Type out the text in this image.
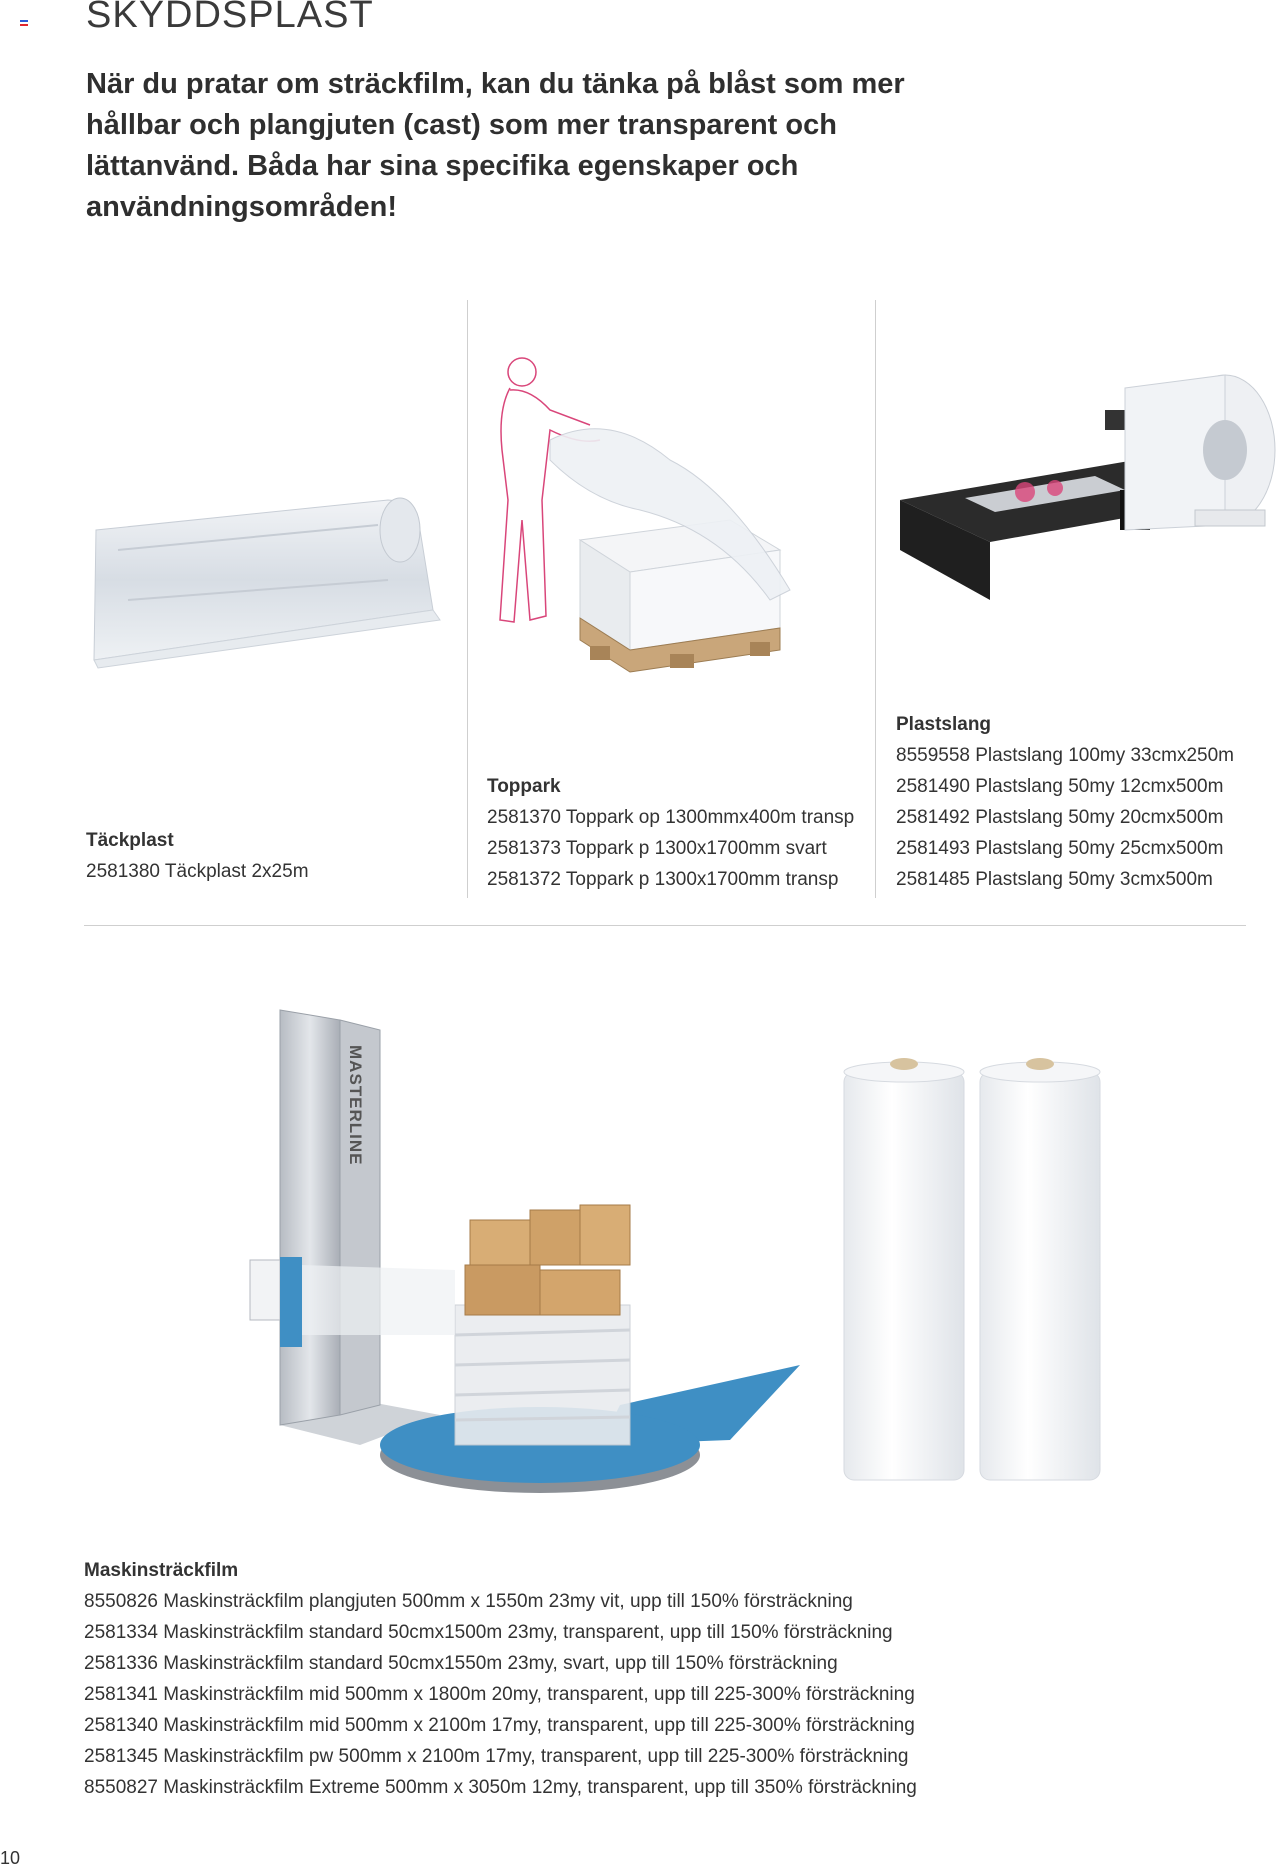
SKYDDSPLAST
När du pratar om sträckfilm, kan du tänka på blåst som mer hållbar och plangjuten (cast) som mer transparent och lättanvänd. Båda har sina specifika egenskaper och användningsområden!
Täckplast
2581380 Täckplast 2x25m
Toppark
2581370 Toppark op 1300mmx400m transp
2581373 Toppark p 1300x1700mm svart
2581372 Toppark p 1300x1700mm transp
Plastslang
8559558 Plastslang 100my 33cmx250m
2581490 Plastslang 50my 12cmx500m
2581492 Plastslang 50my 20cmx500m
2581493 Plastslang 50my 25cmx500m
2581485 Plastslang 50my 3cmx500m
MASTERLINE
Maskinsträckfilm
8550826 Maskinsträckfilm plangjuten 500mm x 1550m 23my vit, upp till 150% försträckning
2581334 Maskinsträckfilm standard 50cmx1500m 23my, transparent, upp till 150% försträckning
2581336 Maskinsträckfilm standard 50cmx1550m 23my, svart, upp till 150% försträckning
2581341 Maskinsträckfilm mid 500mm x 1800m 20my, transparent, upp till 225-300% försträckning
2581340 Maskinsträckfilm mid 500mm x 2100m 17my, transparent, upp till 225-300% försträckning
2581345 Maskinsträckfilm pw 500mm x 2100m 17my, transparent, upp till 225-300% försträckning
8550827 Maskinsträckfilm Extreme 500mm x 3050m 12my, transparent, upp till 350% försträckning
10
